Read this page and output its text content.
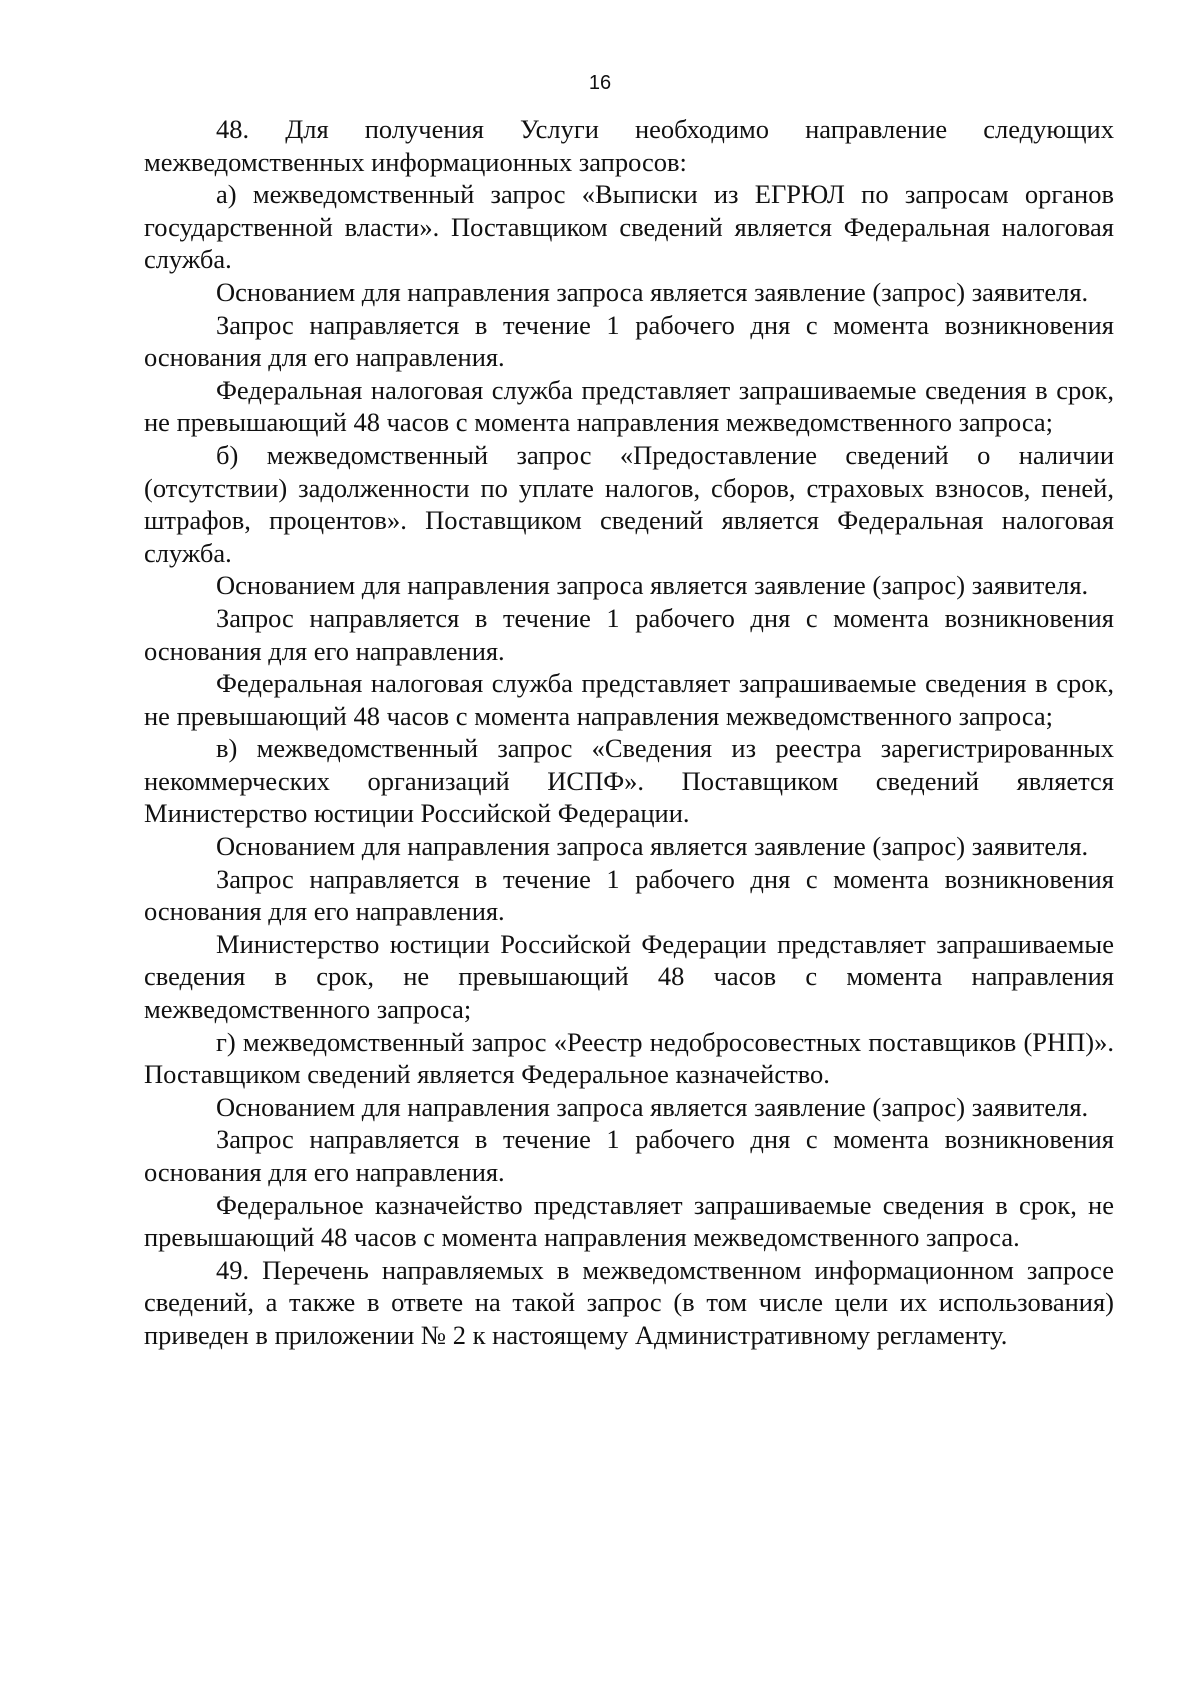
16

48. Для получения Услуги необходимо направление следующих межведомственных информационных запросов:

а) межведомственный запрос «Выписки из ЕГРЮЛ по запросам органов государственной власти». Поставщиком сведений является Федеральная налоговая служба.

Основанием для направления запроса является заявление (запрос) заявителя.

Запрос направляется в течение 1 рабочего дня с момента возникновения основания для его направления.

Федеральная налоговая служба представляет запрашиваемые сведения в срок, не превышающий 48 часов с момента направления межведомственного запроса;

б) межведомственный запрос «Предоставление сведений о наличии (отсутствии) задолженности по уплате налогов, сборов, страховых взносов, пеней, штрафов, процентов». Поставщиком сведений является Федеральная налоговая служба.

Основанием для направления запроса является заявление (запрос) заявителя.

Запрос направляется в течение 1 рабочего дня с момента возникновения основания для его направления.

Федеральная налоговая служба представляет запрашиваемые сведения в срок, не превышающий 48 часов с момента направления межведомственного запроса;

в) межведомственный запрос «Сведения из реестра зарегистрированных некоммерческих организаций ИСПФ». Поставщиком сведений является Министерство юстиции Российской Федерации.

Основанием для направления запроса является заявление (запрос) заявителя.

Запрос направляется в течение 1 рабочего дня с момента возникновения основания для его направления.

Министерство юстиции Российской Федерации представляет запрашиваемые сведения в срок, не превышающий 48 часов с момента направления межведомственного запроса;

г) межведомственный запрос «Реестр недобросовестных поставщиков (РНП)». Поставщиком сведений является Федеральное казначейство.

Основанием для направления запроса является заявление (запрос) заявителя.

Запрос направляется в течение 1 рабочего дня с момента возникновения основания для его направления.

Федеральное казначейство представляет запрашиваемые сведения в срок, не превышающий 48 часов с момента направления межведомственного запроса.

49. Перечень направляемых в межведомственном информационном запросе сведений, а также в ответе на такой запрос (в том числе цели их использования) приведен в приложении № 2 к настоящему Административному регламенту.
